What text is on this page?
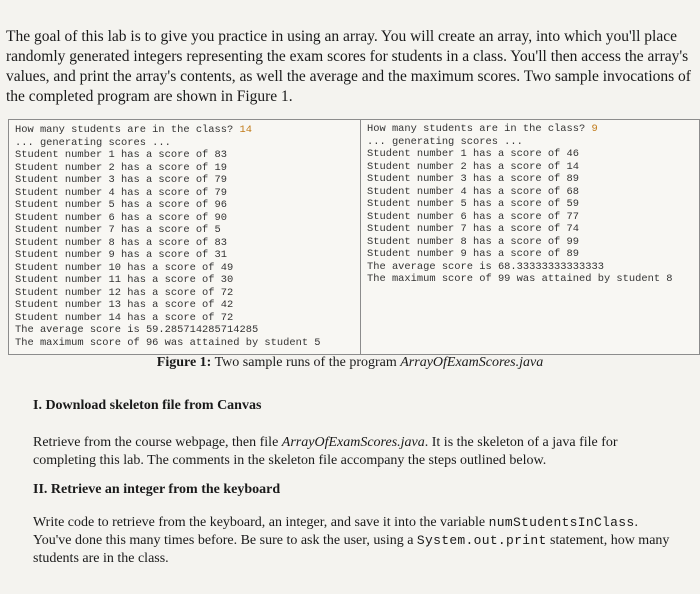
The goal of this lab is to give you practice in using an array. You will create an array, into which you'll place randomly generated integers representing the exam scores for students in a class. You'll then access the array's values, and print the array's contents, as well the average and the maximum scores. Two sample invocations of the completed program are shown in Figure 1.
How many students are in the class? 14
... generating scores ...
Student number 1 has a score of 83
Student number 2 has a score of 19
Student number 3 has a score of 79
Student number 4 has a score of 79
Student number 5 has a score of 96
Student number 6 has a score of 90
Student number 7 has a score of 5
Student number 8 has a score of 83
Student number 9 has a score of 31
Student number 10 has a score of 49
Student number 11 has a score of 30
Student number 12 has a score of 72
Student number 13 has a score of 42
Student number 14 has a score of 72
The average score is 59.285714285714285
The maximum score of 96 was attained by student 5
How many students are in the class? 9
... generating scores ...
Student number 1 has a score of 46
Student number 2 has a score of 14
Student number 3 has a score of 89
Student number 4 has a score of 68
Student number 5 has a score of 59
Student number 6 has a score of 77
Student number 7 has a score of 74
Student number 8 has a score of 99
Student number 9 has a score of 89
The average score is 68.33333333333333
The maximum score of 99 was attained by student 8
Figure 1: Two sample runs of the program ArrayOfExamScores.java
I. Download skeleton file from Canvas
Retrieve from the course webpage, then file ArrayOfExamScores.java. It is the skeleton of a java file for completing this lab. The comments in the skeleton file accompany the steps outlined below.
II. Retrieve an integer from the keyboard
Write code to retrieve from the keyboard, an integer, and save it into the variable numStudentsInClass. You've done this many times before. Be sure to ask the user, using a System.out.print statement, how many students are in the class.
